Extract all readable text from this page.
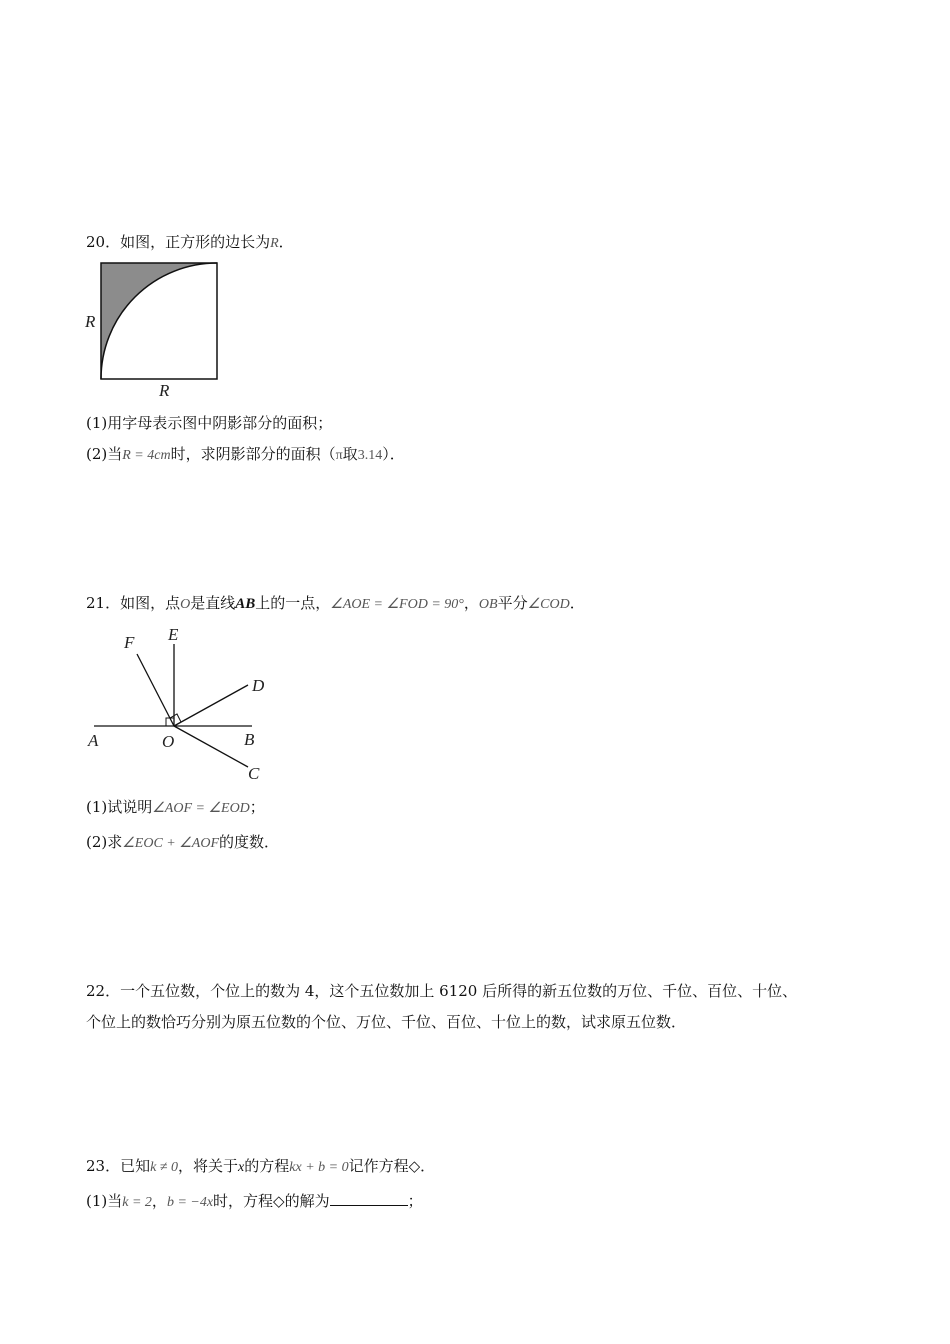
20．如图，正方形的边长为R．
R
R
(1)用字母表示图中阴影部分的面积；
(2)当R = 4cm时，求阴影部分的面积（π取3.14）．
21．如图，点O是直线AB上的一点，∠AOE = ∠FOD = 90°，OB平分∠COD．
F E
D
A	O	B
C
(1)试说明∠AOF = ∠EOD；
(2)求∠EOC + ∠AOF的度数．
22．一个五位数，个位上的数为 4，这个五位数加上 6120 后所得的新五位数的万位、千位、百位、十位、
个位上的数恰巧分别为原五位数的个位、万位、千位、百位、十位上的数，试求原五位数．
23．已知k ≠ 0，将关于x的方程kx + b = 0记作方程◇．
(1)当k = 2，b = −4x时，方程◇的解为	；
